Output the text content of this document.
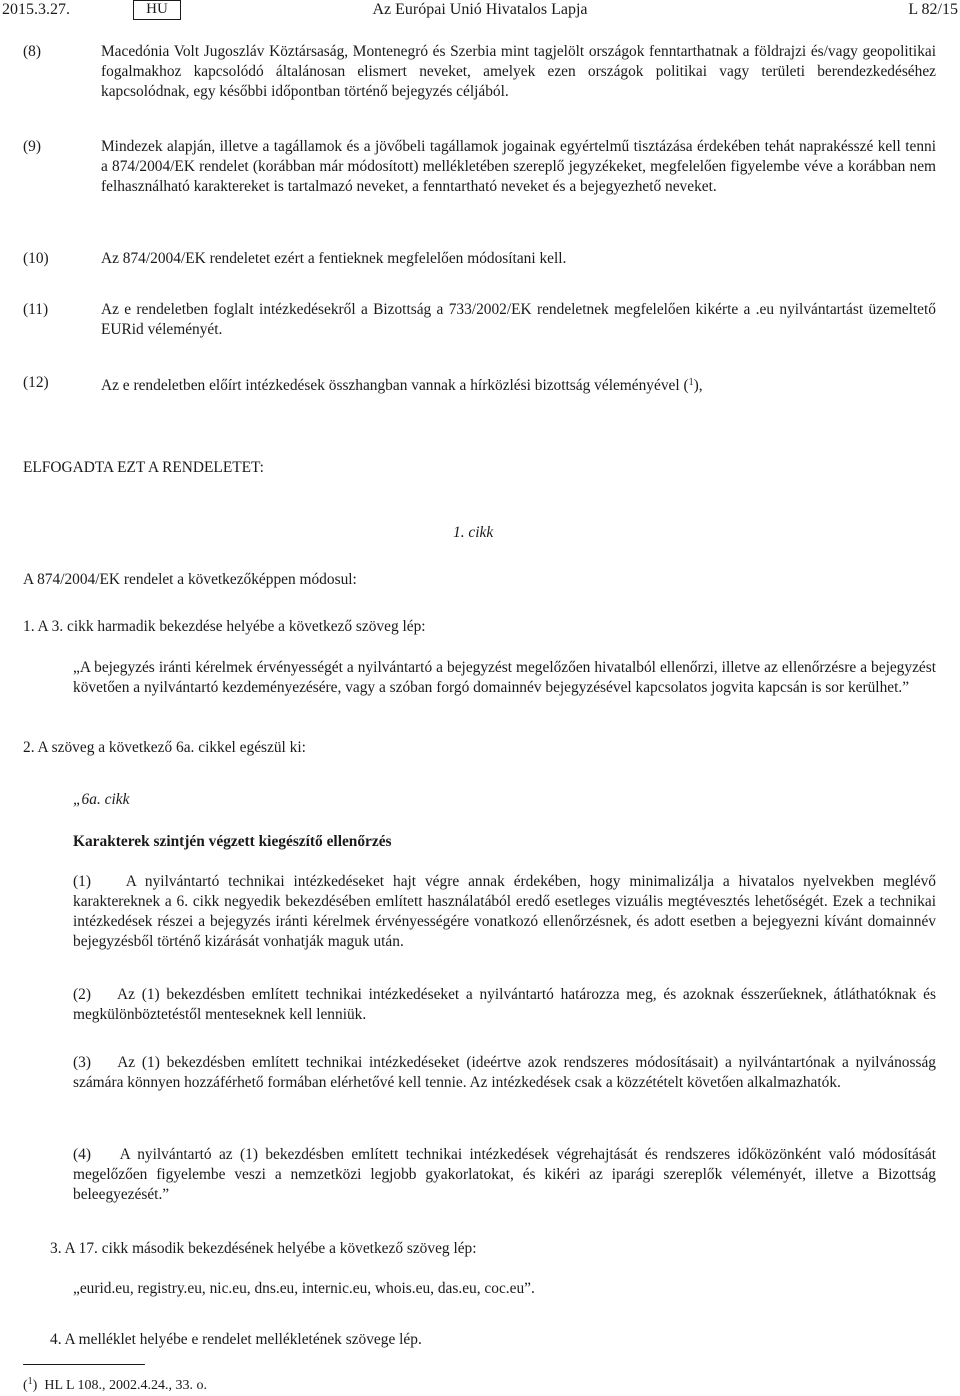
2015.3.27.	HU	Az Európai Unió Hivatalos Lapja	L 82/15
(8)	Macedónia Volt Jugoszláv Köztársaság, Montenegró és Szerbia mint tagjelölt országok fenntarthatnak a földrajzi és/vagy geopolitikai fogalmakhoz kapcsolódó általánosan elismert neveket, amelyek ezen országok politikai vagy területi berendezkedéséhez kapcsolódnak, egy későbbi időpontban történő bejegyzés céljából.
(9)	Mindezek alapján, illetve a tagállamok és a jövőbeli tagállamok jogainak egyértelmű tisztázása érdekében tehát naprakésszé kell tenni a 874/2004/EK rendelet (korábban már módosított) mellékletében szereplő jegyzékeket, megfelelően figyelembe véve a korábban nem felhasználható karaktereket is tartalmazó neveket, a fenntartható neveket és a bejegyezhető neveket.
(10)	Az 874/2004/EK rendeletet ezért a fentieknek megfelelően módosítani kell.
(11)	Az e rendeletben foglalt intézkedésekről a Bizottság a 733/2002/EK rendeletnek megfelelően kikérte a .eu nyilvántartást üzemeltető EURid véleményét.
(12)	Az e rendeletben előírt intézkedések összhangban vannak a hírközlési bizottság véleményével ($^1$),
ELFOGADTA EZT A RENDELETET:
1. cikk
A 874/2004/EK rendelet a következőképpen módosul:
1. A 3. cikk harmadik bekezdése helyébe a következő szöveg lép:
„A bejegyzés iránti kérelmek érvényességét a nyilvántartó a bejegyzést megelőzően hivatalból ellenőrzi, illetve az ellenőrzésre a bejegyzést követően a nyilvántartó kezdeményezésére, vagy a szóban forgó domainnév bejegyzésével kapcsolatos jogvita kapcsán is sor kerülhet.”
2. A szöveg a következő 6a. cikkel egészül ki:
„6a. cikk
Karakterek szintjén végzett kiegészítő ellenőrzés
(1)    A nyilvántartó technikai intézkedéseket hajt végre annak érdekében, hogy minimalizálja a hivatalos nyelvekben meglévő karaktereknek a 6. cikk negyedik bekezdésében említett használatából eredő esetleges vizuális megtévesztés lehetőségét. Ezek a technikai intézkedések részei a bejegyzés iránti kérelmek érvényességére vonatkozó ellenőrzésnek, és adott esetben a bejegyezni kívánt domainnév bejegyzésből történő kizárását vonhatják maguk után.
(2)    Az (1) bekezdésben említett technikai intézkedéseket a nyilvántartó határozza meg, és azoknak ésszerűeknek, átláthatóknak és megkülönböztetéstől menteseknek kell lenniük.
(3)    Az (1) bekezdésben említett technikai intézkedéseket (ideértve azok rendszeres módosításait) a nyilvántartónak a nyilvánosság számára könnyen hozzáférhető formában elérhetővé kell tennie. Az intézkedések csak a közzétételt követően alkalmazhatók.
(4)    A nyilvántartó az (1) bekezdésben említett technikai intézkedések végrehajtását és rendszeres időközönként való módosítását megelőzően figyelembe veszi a nemzetközi legjobb gyakorlatokat, és kikéri az iparági szereplők véleményét, illetve a Bizottság beleegyezését.”
3. A 17. cikk második bekezdésének helyébe a következő szöveg lép:
„eurid.eu, registry.eu, nic.eu, dns.eu, internic.eu, whois.eu, das.eu, coc.eu”.
4. A melléklet helyébe e rendelet mellékletének szövege lép.
($^1$)  HL L 108., 2002.4.24., 33. o.
